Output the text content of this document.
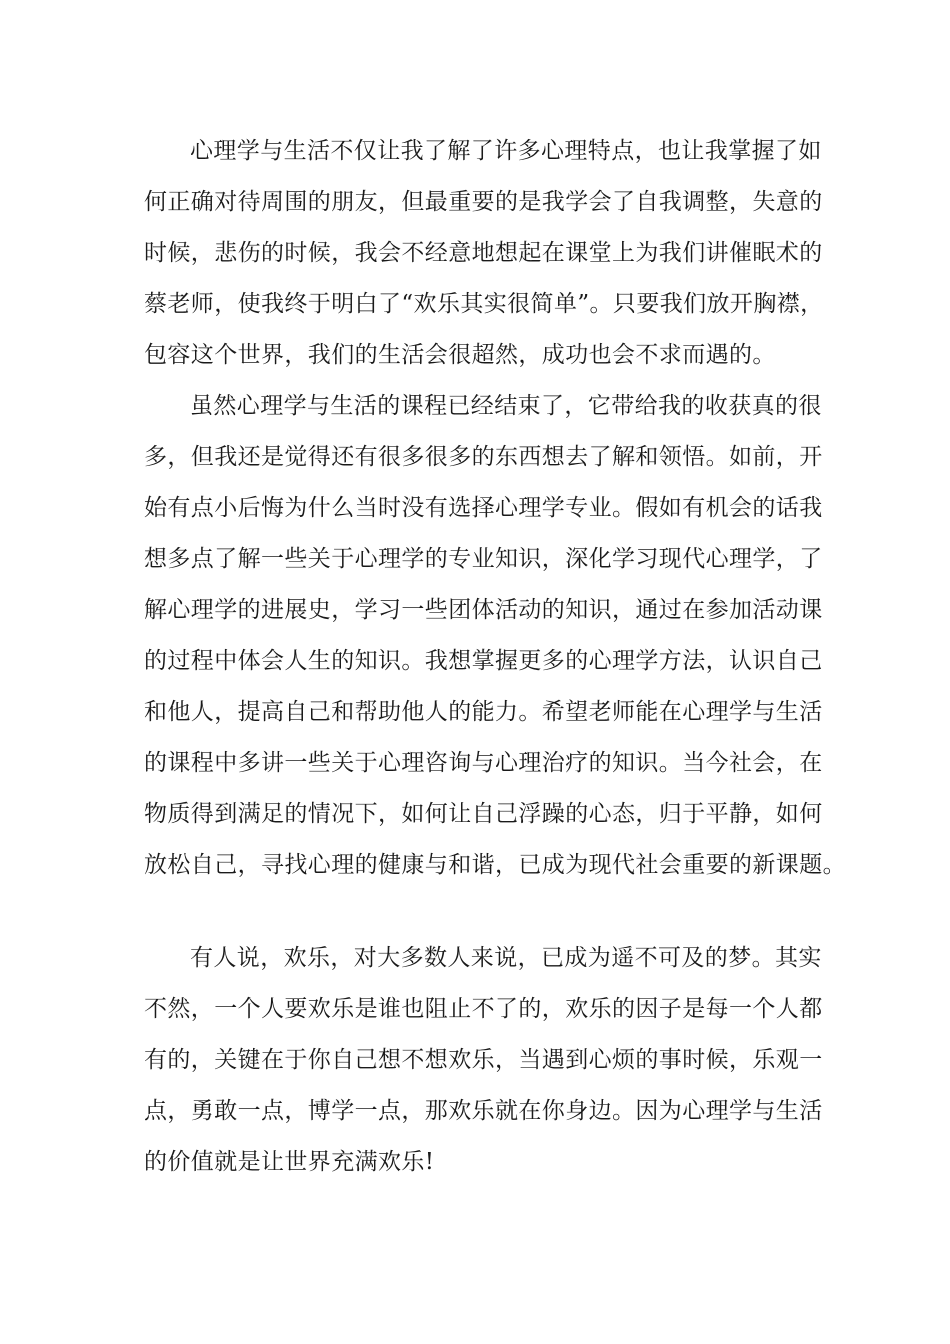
心理学与生活不仅让我了解了许多心理特点，也让我掌握了如
何正确对待周围的朋友，但最重要的是我学会了自我调整，失意的
时候，悲伤的时候，我会不经意地想起在课堂上为我们讲催眠术的
蔡老师，使我终于明白了“欢乐其实很简单”。只要我们放开胸襟，
包容这个世界，我们的生活会很超然，成功也会不求而遇的。
虽然心理学与生活的课程已经结束了，它带给我的收获真的很
多，但我还是觉得还有很多很多的东西想去了解和领悟。如前，开
始有点小后悔为什么当时没有选择心理学专业。假如有机会的话我
想多点了解一些关于心理学的专业知识，深化学习现代心理学，了
解心理学的进展史，学习一些团体活动的知识，通过在参加活动课
的过程中体会人生的知识。我想掌握更多的心理学方法，认识自己
和他人，提高自己和帮助他人的能力。希望老师能在心理学与生活
的课程中多讲一些关于心理咨询与心理治疗的知识。当今社会，在
物质得到满足的情况下，如何让自己浮躁的心态，归于平静，如何
放松自己，寻找心理的健康与和谐，已成为现代社会重要的新课题。
有人说，欢乐，对大多数人来说，已成为遥不可及的梦。其实
不然，一个人要欢乐是谁也阻止不了的，欢乐的因子是每一个人都
有的，关键在于你自己想不想欢乐，当遇到心烦的事时候，乐观一
点，勇敢一点，博学一点，那欢乐就在你身边。因为心理学与生活
的价值就是让世界充满欢乐!
